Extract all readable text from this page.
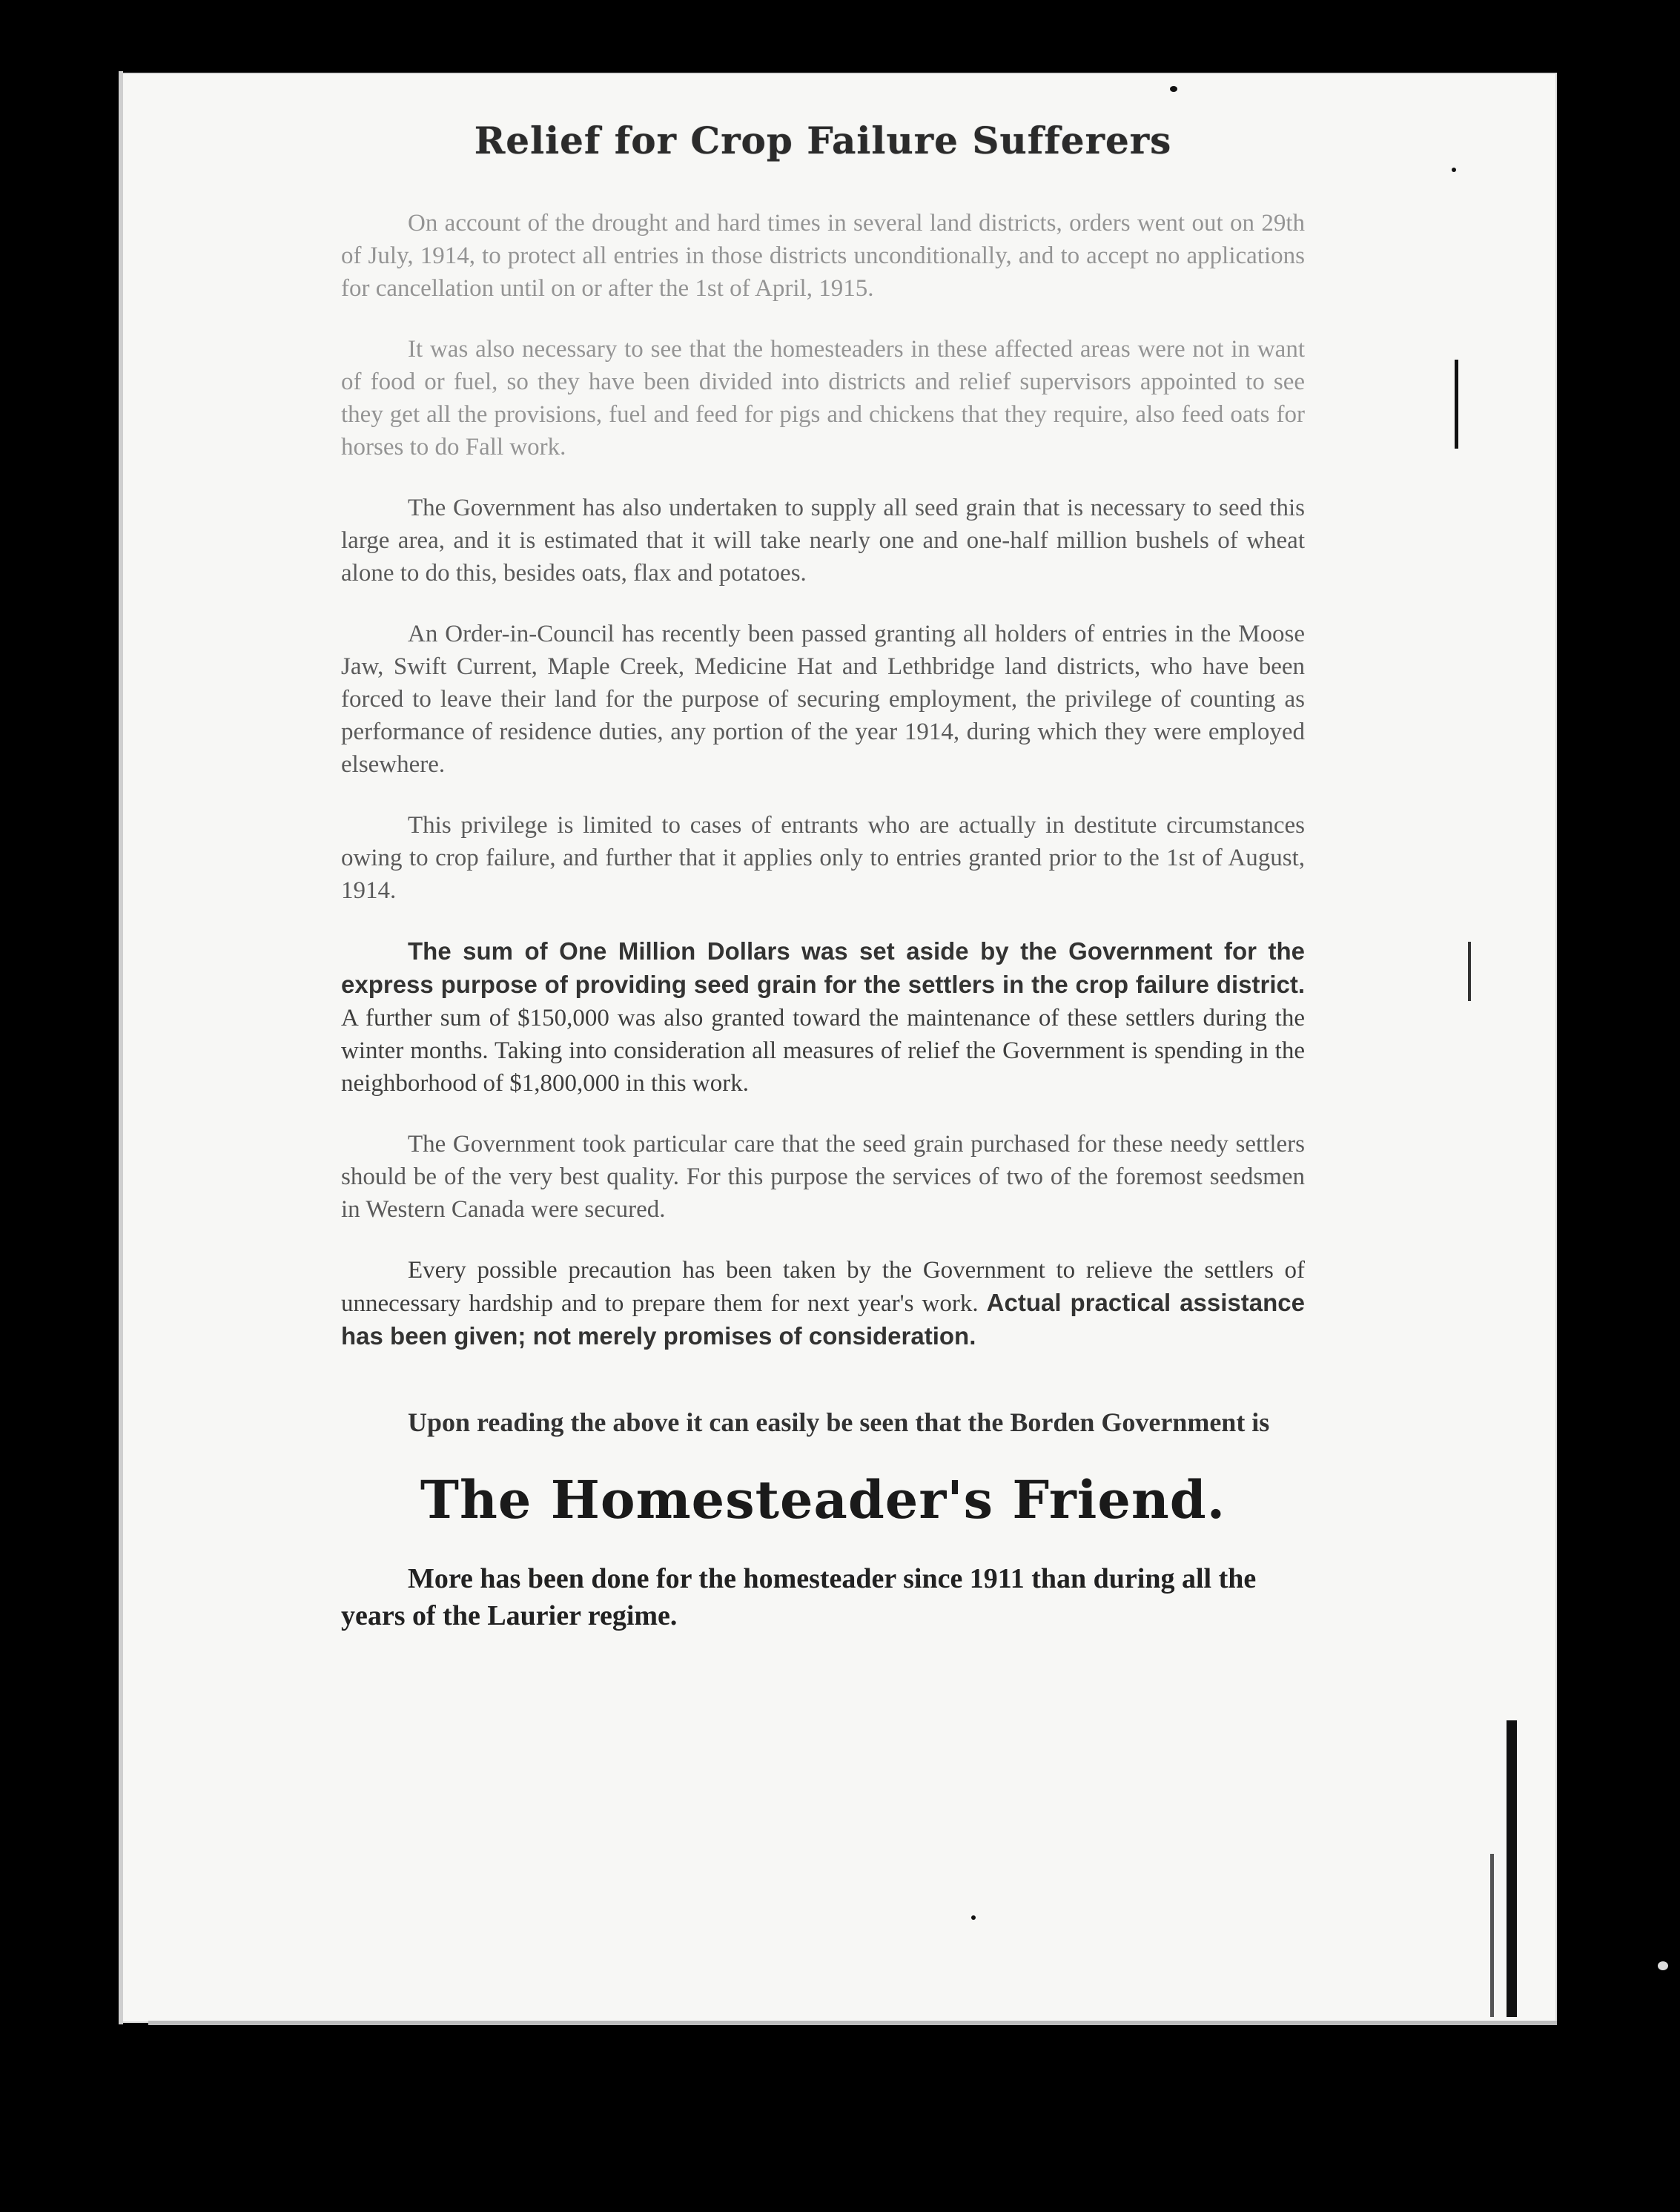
Relief for Crop Failure Sufferers

On account of the drought and hard times in several land districts, orders went out on 29th of July, 1914, to protect all entries in those districts unconditionally, and to accept no applications for cancellation until on or after the 1st of April, 1915.

It was also necessary to see that the homesteaders in these affected areas were not in want of food or fuel, so they have been divided into districts and relief supervisors appointed to see they get all the provisions, fuel and feed for pigs and chickens that they require, also feed oats for horses to do Fall work.

The Government has also undertaken to supply all seed grain that is necessary to seed this large area, and it is estimated that it will take nearly one and one-half million bushels of wheat alone to do this, besides oats, flax and potatoes.

An Order-in-Council has recently been passed granting all holders of entries in the Moose Jaw, Swift Current, Maple Creek, Medicine Hat and Lethbridge land districts, who have been forced to leave their land for the purpose of securing employment, the privilege of counting as performance of residence duties, any portion of the year 1914, during which they were employed elsewhere.

This privilege is limited to cases of entrants who are actually in destitute circumstances owing to crop failure, and further that it applies only to entries granted prior to the 1st of August, 1914.

The sum of One Million Dollars was set aside by the Government for the express purpose of providing seed grain for the settlers in the crop failure district. A further sum of $150,000 was also granted toward the maintenance of these settlers during the winter months. Taking into consideration all measures of relief the Government is spending in the neighborhood of $1,800,000 in this work.

The Government took particular care that the seed grain purchased for these needy settlers should be of the very best quality. For this purpose the services of two of the foremost seedsmen in Western Canada were secured.

Every possible precaution has been taken by the Government to relieve the settlers of unnecessary hardship and to prepare them for next year's work. Actual practical assistance has been given; not merely promises of consideration.

Upon reading the above it can easily be seen that the Borden Government is

The Homesteader's Friend.

More has been done for the homesteader since 1911 than during all the years of the Laurier regime.
